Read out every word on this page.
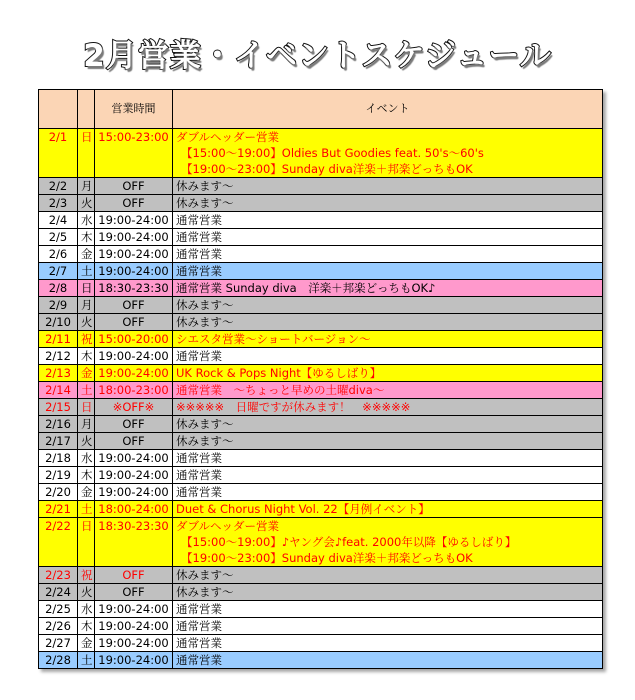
2月営業・イベントスケジュール
		営業時間	イベント
2/1	日	15:00-23:00	ダブルヘッダー営業
【15:00～19:00】Oldies But Goodies feat. 50's～60's
【19:00～23:00】Sunday diva洋楽＋邦楽どっちもOK

2/2	月	OFF	休みます～

2/3	火	OFF	休みます～

2/4	水	19:00-24:00	通常営業

2/5	木	19:00-24:00	通常営業

2/6	金	19:00-24:00	通常営業

2/7	土	19:00-24:00	通常営業

2/8	日	18:30-23:30	通常営業 Sunday diva　洋楽＋邦楽どっちもOK♪

2/9	月	OFF	休みます～

2/10	火	OFF	休みます～

2/11	祝	15:00-20:00	シエスタ営業～ショートバージョン～

2/12	木	19:00-24:00	通常営業

2/13	金	19:00-24:00	UK Rock & Pops Night【ゆるしばり】

2/14	土	18:00-23:00	通常営業　～ちょっと早めの土曜diva～

2/15	日	※OFF※	※※※※※　日曜ですが休みます！　※※※※※

2/16	月	OFF	休みます～

2/17	火	OFF	休みます～

2/18	水	19:00-24:00	通常営業

2/19	木	19:00-24:00	通常営業

2/20	金	19:00-24:00	通常営業

2/21	土	18:00-24:00	Duet & Chorus Night Vol. 22【月例イベント】

2/22	日	18:30-23:30	ダブルヘッダー営業
【15:00～19:00】♪ヤング会♪feat. 2000年以降【ゆるしばり】
【19:00～23:00】Sunday diva洋楽＋邦楽どっちもOK

2/23	祝	OFF	休みます～

2/24	火	OFF	休みます～

2/25	水	19:00-24:00	通常営業

2/26	木	19:00-24:00	通常営業

2/27	金	19:00-24:00	通常営業

2/28	土	19:00-24:00	通常営業
